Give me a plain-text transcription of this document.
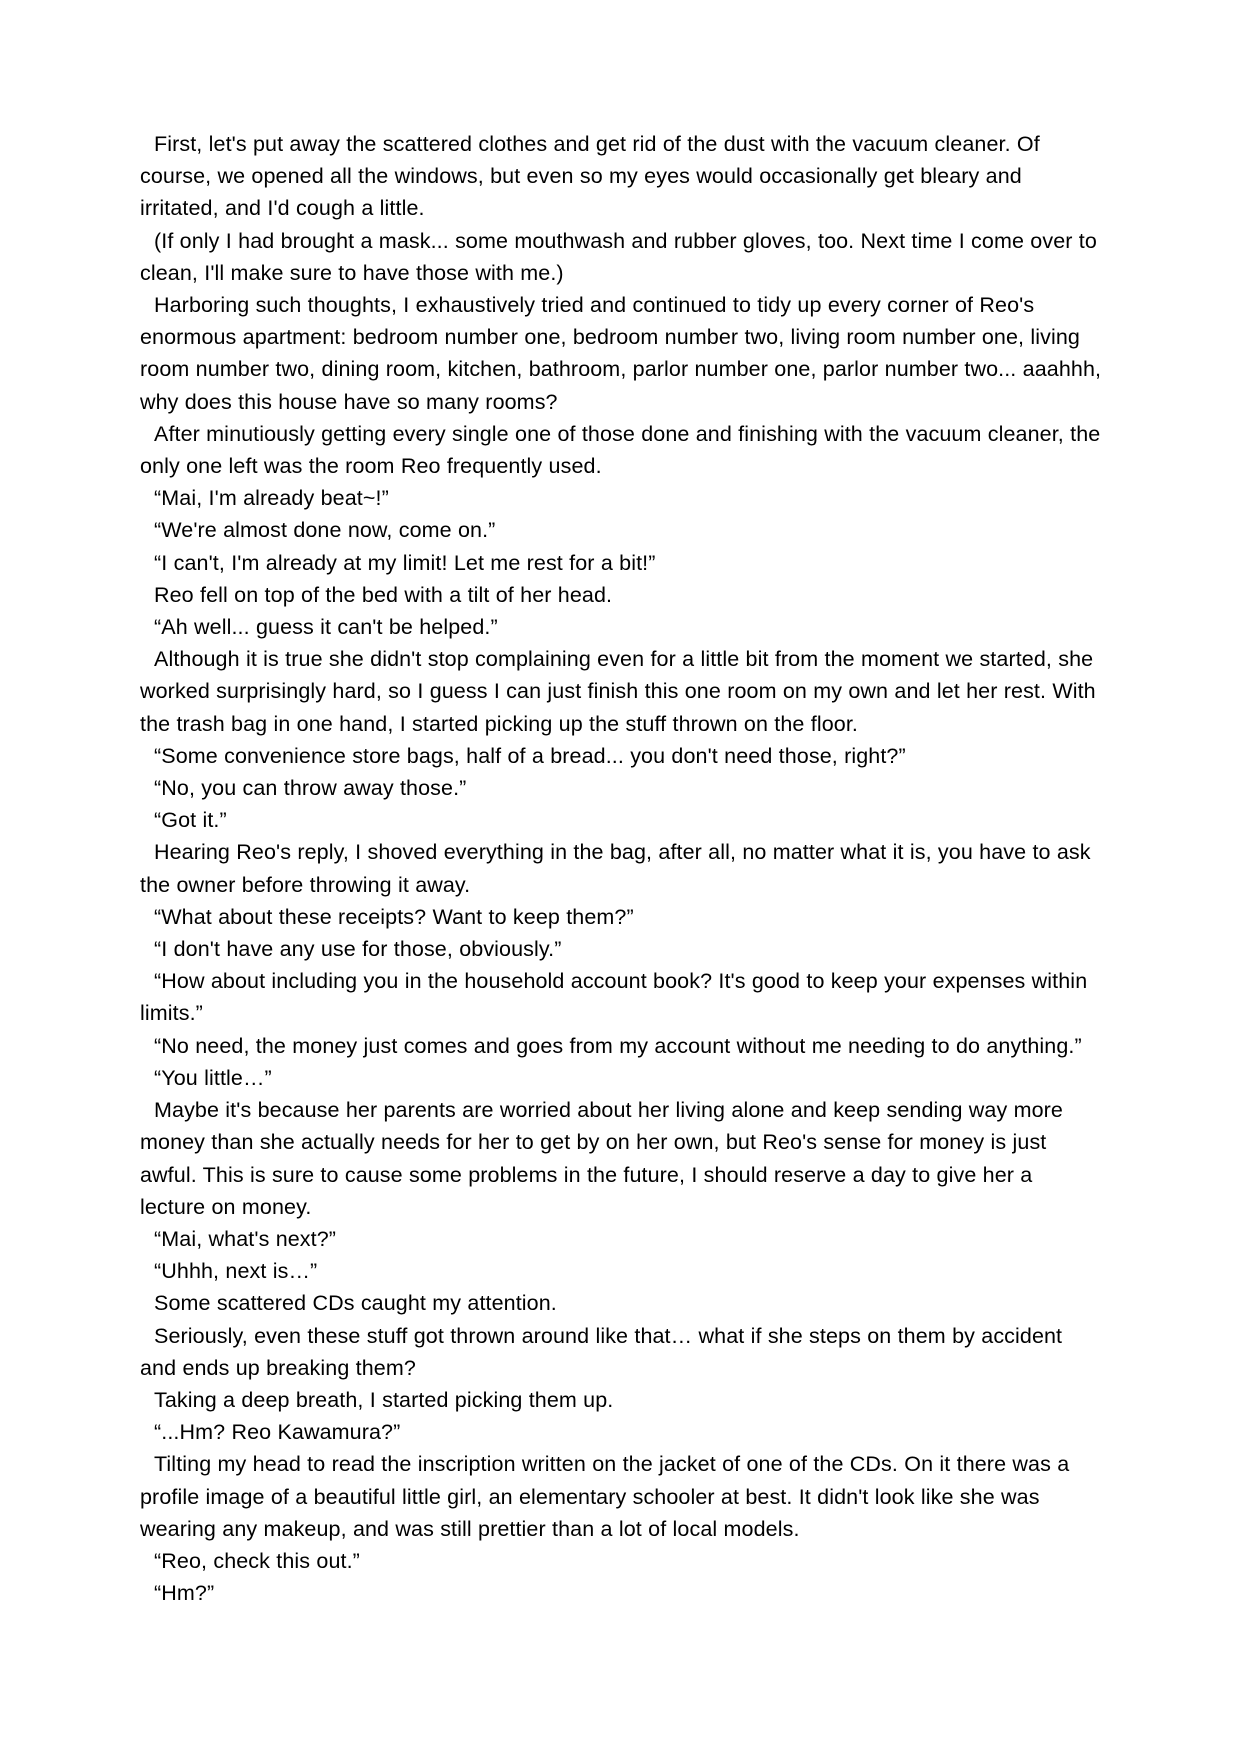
First, let's put away the scattered clothes and get rid of the dust with the vacuum cleaner. Of course, we opened all the windows, but even so my eyes would occasionally get bleary and irritated, and I'd cough a little.

(If only I had brought a mask... some mouthwash and rubber gloves, too. Next time I come over to clean, I'll make sure to have those with me.)

Harboring such thoughts, I exhaustively tried and continued to tidy up every corner of Reo's enormous apartment: bedroom number one, bedroom number two, living room number one, living room number two, dining room, kitchen, bathroom, parlor number one, parlor number two... aaahhh, why does this house have so many rooms?

After minutiously getting every single one of those done and finishing with the vacuum cleaner, the only one left was the room Reo frequently used.

“Mai, I'm already beat~!”

“We're almost done now, come on.”

“I can't, I'm already at my limit! Let me rest for a bit!”

Reo fell on top of the bed with a tilt of her head.

“Ah well... guess it can't be helped.”

Although it is true she didn't stop complaining even for a little bit from the moment we started, she worked surprisingly hard, so I guess I can just finish this one room on my own and let her rest. With the trash bag in one hand, I started picking up the stuff thrown on the floor.

“Some convenience store bags, half of a bread... you don't need those, right?”

“No, you can throw away those.”

“Got it.”

Hearing Reo's reply, I shoved everything in the bag, after all, no matter what it is, you have to ask the owner before throwing it away.

“What about these receipts? Want to keep them?”

“I don't have any use for those, obviously.”

“How about including you in the household account book? It's good to keep your expenses within limits.”

“No need, the money just comes and goes from my account without me needing to do anything.”

“You little…”

Maybe it's because her parents are worried about her living alone and keep sending way more money than she actually needs for her to get by on her own, but Reo's sense for money is just awful. This is sure to cause some problems in the future, I should reserve a day to give her a lecture on money.

“Mai, what's next?”

“Uhhh, next is…”

Some scattered CDs caught my attention.

Seriously, even these stuff got thrown around like that… what if she steps on them by accident and ends up breaking them?

Taking a deep breath, I started picking them up.

“...Hm? Reo Kawamura?”

Tilting my head to read the inscription written on the jacket of one of the CDs. On it there was a profile image of a beautiful little girl, an elementary schooler at best. It didn't look like she was wearing any makeup, and was still prettier than a lot of local models.

“Reo, check this out.”

“Hm?”
